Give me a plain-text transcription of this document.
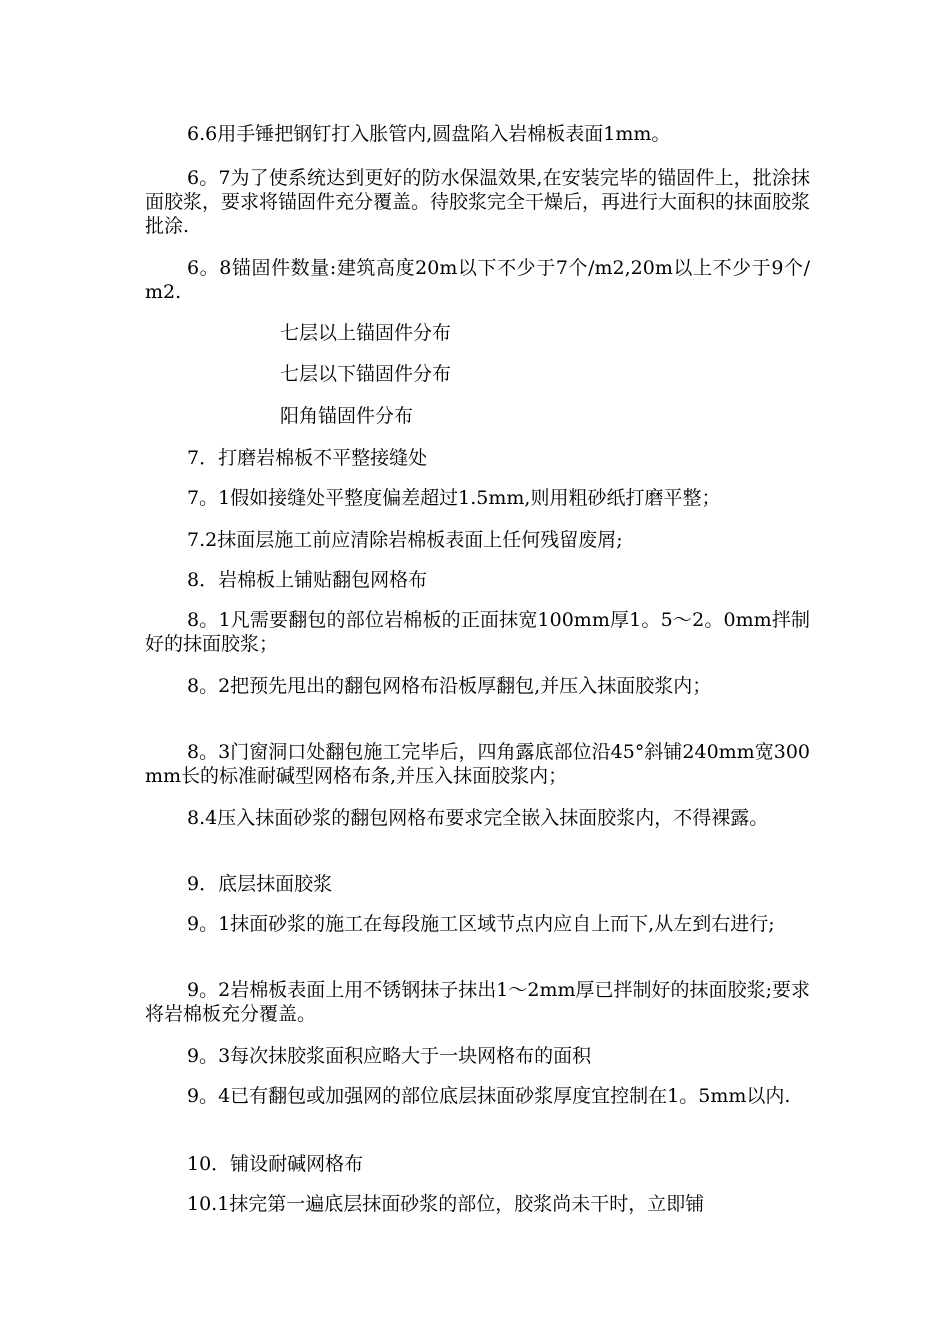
6.6用手锤把钢钉打入胀管内,圆盘陷入岩棉板表面1mm。

6。7为了使系统达到更好的防水保温效果,在安装完毕的锚固件上，批涂抹面胶浆，要求将锚固件充分覆盖。待胶浆完全干燥后，再进行大面积的抹面胶浆批涂.

6。8锚固件数量:建筑高度20m以下不少于7个/m2,20m以上不少于9个/m2.

七层以上锚固件分布

七层以下锚固件分布

阳角锚固件分布

7．打磨岩棉板不平整接缝处

7。1假如接缝处平整度偏差超过1.5mm,则用粗砂纸打磨平整；

7.2抹面层施工前应清除岩棉板表面上任何残留废屑;

8．岩棉板上铺贴翻包网格布

8。1凡需要翻包的部位岩棉板的正面抹宽100mm厚1。5～2。0mm拌制好的抹面胶浆；

8。2把预先甩出的翻包网格布沿板厚翻包,并压入抹面胶浆内；

8。3门窗洞口处翻包施工完毕后，四角露底部位沿45°斜铺240mm宽300mm长的标准耐碱型网格布条,并压入抹面胶浆内；

8.4压入抹面砂浆的翻包网格布要求完全嵌入抹面胶浆内，不得裸露。

9．底层抹面胶浆

9。1抹面砂浆的施工在每段施工区域节点内应自上而下,从左到右进行;

9。2岩棉板表面上用不锈钢抹子抹出1～2mm厚已拌制好的抹面胶浆;要求将岩棉板充分覆盖。

9。3每次抹胶浆面积应略大于一块网格布的面积

9。4已有翻包或加强网的部位底层抹面砂浆厚度宜控制在1。5mm以内.

10．铺设耐碱网格布

10.1抹完第一遍底层抹面砂浆的部位，胶浆尚未干时，立即铺
